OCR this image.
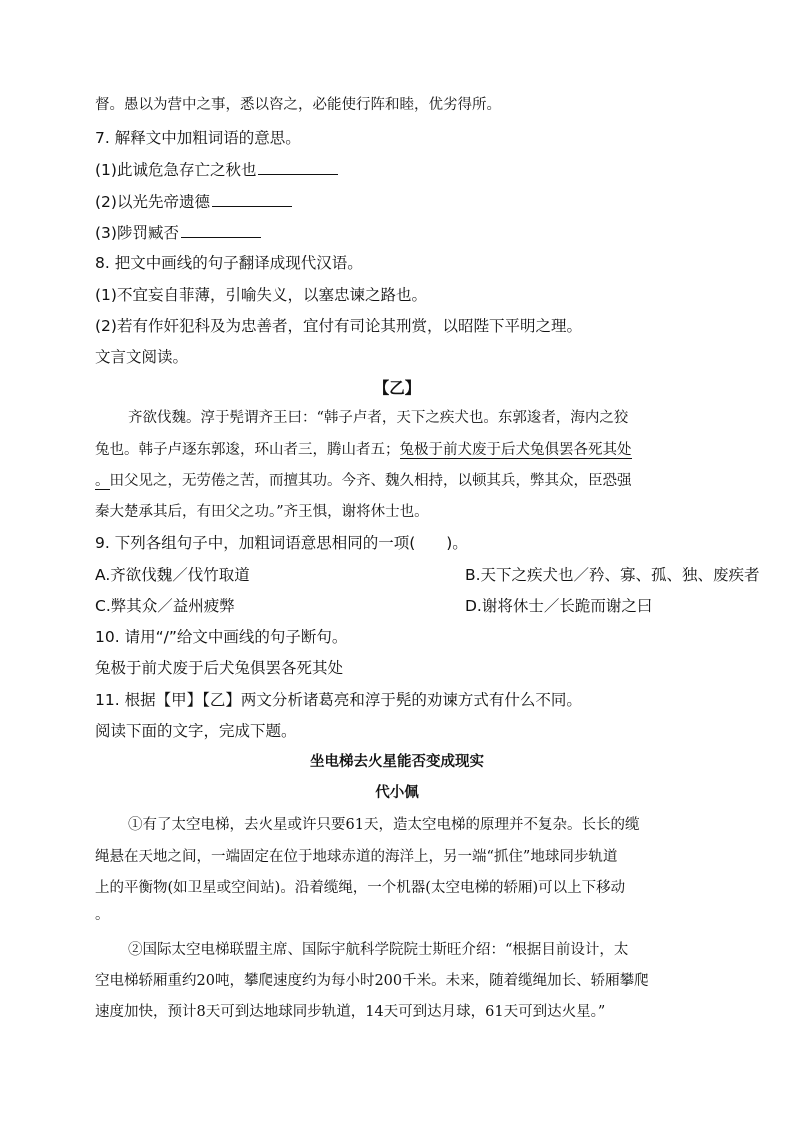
督。愚以为营中之事，悉以咨之，必能使行阵和睦，优劣得所。
7. 解释文中加粗词语的意思。
(1)此诚危急存亡之秋也
(2)以光先帝遗德
(3)陟罚臧否
8. 把文中画线的句子翻译成现代汉语。
(1)不宜妄自菲薄，引喻失义，以塞忠谏之路也。
(2)若有作奸犯科及为忠善者，宜付有司论其刑赏，以昭陛下平明之理。
文言文阅读。
【乙】
齐欲伐魏。淳于髡谓齐王曰：“韩子卢者，天下之疾犬也。东郭逡者，海内之狡
兔也。韩子卢逐东郭逡，环山者三，腾山者五；兔极于前犬废于后犬兔俱罢各死其处
。田父见之，无劳倦之苦，而擅其功。今齐、魏久相持，以顿其兵，弊其众，臣恐强
秦大楚承其后，有田父之功。”齐王惧，谢将休士也。
9. 下列各组句子中，加粗词语意思相同的一项(　　)。
A.齐欲伐魏／伐竹取道	B.天下之疾犬也／矜、寡、孤、独、废疾者
C.弊其众／益州疲弊	D.谢将休士／长跪而谢之曰
10. 请用“/”给文中画线的句子断句。
兔极于前犬废于后犬兔俱罢各死其处
11. 根据【甲】【乙】两文分析诸葛亮和淳于髡的劝谏方式有什么不同。
阅读下面的文字，完成下题。
坐电梯去火星能否变成现实
代小佩
①有了太空电梯，去火星或许只要61天，造太空电梯的原理并不复杂。长长的缆
绳悬在天地之间，一端固定在位于地球赤道的海洋上，另一端“抓住”地球同步轨道
上的平衡物(如卫星或空间站)。沿着缆绳，一个机器(太空电梯的轿厢)可以上下移动
。
②国际太空电梯联盟主席、国际宇航科学院院士斯旺介绍：“根据目前设计，太
空电梯轿厢重约20吨，攀爬速度约为每小时200千米。未来，随着缆绳加长、轿厢攀爬
速度加快，预计8天可到达地球同步轨道，14天可到达月球，61天可到达火星。”
